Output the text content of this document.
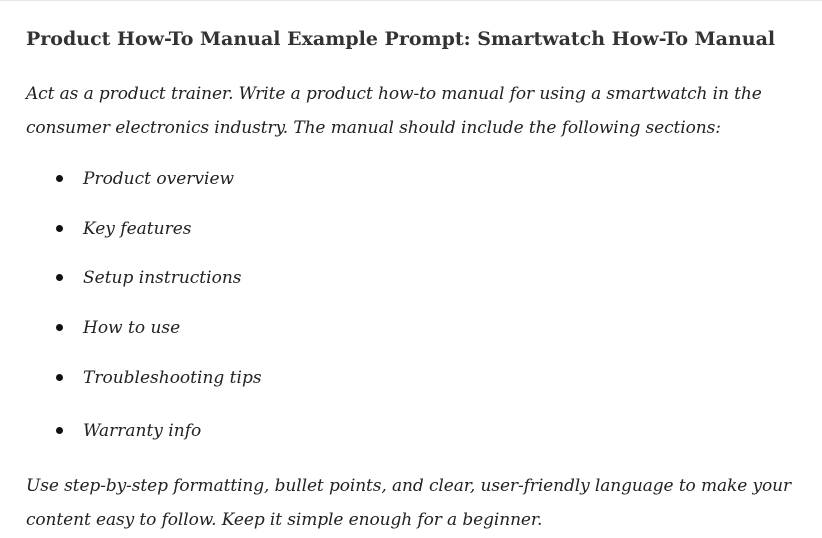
Product How-To Manual Example Prompt: Smartwatch How-To Manual

Act as a product trainer. Write a product how-to manual for using a smartwatch in the consumer electronics industry. The manual should include the following sections:

Product overview
Key features
Setup instructions
How to use
Troubleshooting tips
Warranty info

Use step-by-step formatting, bullet points, and clear, user-friendly language to make your content easy to follow. Keep it simple enough for a beginner.
